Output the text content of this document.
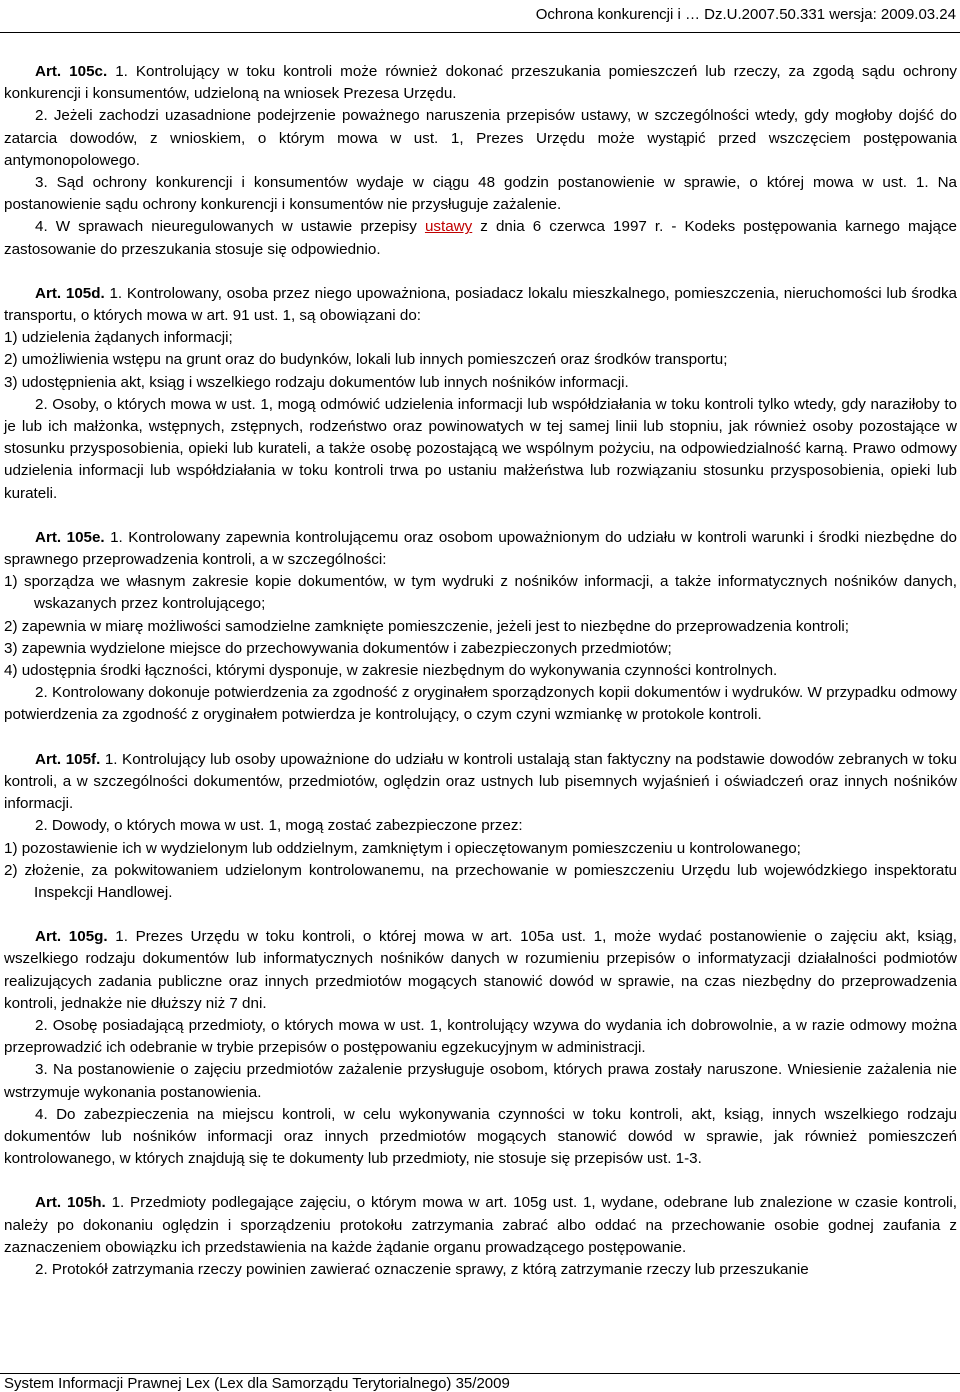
Ochrona konkurencji i … Dz.U.2007.50.331 wersja: 2009.03.24

Art. 105c. 1. Kontrolujący w toku kontroli może również dokonać przeszukania pomieszczeń lub rzeczy, za zgodą sądu ochrony konkurencji i konsumentów, udzieloną na wniosek Prezesa Urzędu.

2. Jeżeli zachodzi uzasadnione podejrzenie poważnego naruszenia przepisów ustawy, w szczególności wtedy, gdy mogłoby dojść do zatarcia dowodów, z wnioskiem, o którym mowa w ust. 1, Prezes Urzędu może wystąpić przed wszczęciem postępowania antymonopolowego.

3. Sąd ochrony konkurencji i konsumentów wydaje w ciągu 48 godzin postanowienie w sprawie, o której mowa w ust. 1. Na postanowienie sądu ochrony konkurencji i konsumentów nie przysługuje zażalenie.

4. W sprawach nieuregulowanych w ustawie przepisy ustawy z dnia 6 czerwca 1997 r. - Kodeks postępowania karnego mające zastosowanie do przeszukania stosuje się odpowiednio.

Art. 105d. 1. Kontrolowany, osoba przez niego upoważniona, posiadacz lokalu mieszkalnego, pomieszczenia, nieruchomości lub środka transportu, o których mowa w art. 91 ust. 1, są obowiązani do:

1) udzielenia żądanych informacji;

2) umożliwienia wstępu na grunt oraz do budynków, lokali lub innych pomieszczeń oraz środków transportu;

3) udostępnienia akt, ksiąg i wszelkiego rodzaju dokumentów lub innych nośników informacji.

2. Osoby, o których mowa w ust. 1, mogą odmówić udzielenia informacji lub współdziałania w toku kontroli tylko wtedy, gdy naraziłoby to je lub ich małżonka, wstępnych, zstępnych, rodzeństwo oraz powinowatych w tej samej linii lub stopniu, jak również osoby pozostające w stosunku przysposobienia, opieki lub kurateli, a także osobę pozostającą we wspólnym pożyciu, na odpowiedzialność karną. Prawo odmowy udzielenia informacji lub współdziałania w toku kontroli trwa po ustaniu małżeństwa lub rozwiązaniu stosunku przysposobienia, opieki lub kurateli.

Art. 105e. 1. Kontrolowany zapewnia kontrolującemu oraz osobom upoważnionym do udziału w kontroli warunki i środki niezbędne do sprawnego przeprowadzenia kontroli, a w szczególności:

1) sporządza we własnym zakresie kopie dokumentów, w tym wydruki z nośników informacji, a także informatycznych nośników danych, wskazanych przez kontrolującego;

2) zapewnia w miarę możliwości samodzielne zamknięte pomieszczenie, jeżeli jest to niezbędne do przeprowadzenia kontroli;

3) zapewnia wydzielone miejsce do przechowywania dokumentów i zabezpieczonych przedmiotów;

4) udostępnia środki łączności, którymi dysponuje, w zakresie niezbędnym do wykonywania czynności kontrolnych.

2. Kontrolowany dokonuje potwierdzenia za zgodność z oryginałem sporządzonych kopii dokumentów i wydruków. W przypadku odmowy potwierdzenia za zgodność z oryginałem potwierdza je kontrolujący, o czym czyni wzmiankę w protokole kontroli.

Art. 105f. 1. Kontrolujący lub osoby upoważnione do udziału w kontroli ustalają stan faktyczny na podstawie dowodów zebranych w toku kontroli, a w szczególności dokumentów, przedmiotów, oględzin oraz ustnych lub pisemnych wyjaśnień i oświadczeń oraz innych nośników informacji.

2. Dowody, o których mowa w ust. 1, mogą zostać zabezpieczone przez:

1) pozostawienie ich w wydzielonym lub oddzielnym, zamkniętym i opieczętowanym pomieszczeniu u kontrolowanego;

2) złożenie, za pokwitowaniem udzielonym kontrolowanemu, na przechowanie w pomieszczeniu Urzędu lub wojewódzkiego inspektoratu Inspekcji Handlowej.

Art. 105g. 1. Prezes Urzędu w toku kontroli, o której mowa w art. 105a ust. 1, może wydać postanowienie o zajęciu akt, ksiąg, wszelkiego rodzaju dokumentów lub informatycznych nośników danych w rozumieniu przepisów o informatyzacji działalności podmiotów realizujących zadania publiczne oraz innych przedmiotów mogących stanowić dowód w sprawie, na czas niezbędny do przeprowadzenia kontroli, jednakże nie dłuższy niż 7 dni.

2. Osobę posiadającą przedmioty, o których mowa w ust. 1, kontrolujący wzywa do wydania ich dobrowolnie, a w razie odmowy można przeprowadzić ich odebranie w trybie przepisów o postępowaniu egzekucyjnym w administracji.

3. Na postanowienie o zajęciu przedmiotów zażalenie przysługuje osobom, których prawa zostały naruszone. Wniesienie zażalenia nie wstrzymuje wykonania postanowienia.

4. Do zabezpieczenia na miejscu kontroli, w celu wykonywania czynności w toku kontroli, akt, ksiąg, innych wszelkiego rodzaju dokumentów lub nośników informacji oraz innych przedmiotów mogących stanowić dowód w sprawie, jak również pomieszczeń kontrolowanego, w których znajdują się te dokumenty lub przedmioty, nie stosuje się przepisów ust. 1-3.

Art. 105h. 1. Przedmioty podlegające zajęciu, o którym mowa w art. 105g ust. 1, wydane, odebrane lub znalezione w czasie kontroli, należy po dokonaniu oględzin i sporządzeniu protokołu zatrzymania zabrać albo oddać na przechowanie osobie godnej zaufania z zaznaczeniem obowiązku ich przedstawienia na każde żądanie organu prowadzącego postępowanie.

2. Protokół zatrzymania rzeczy powinien zawierać oznaczenie sprawy, z którą zatrzymanie rzeczy lub przeszukanie

System Informacji Prawnej Lex (Lex dla Samorządu Terytorialnego) 35/2009
